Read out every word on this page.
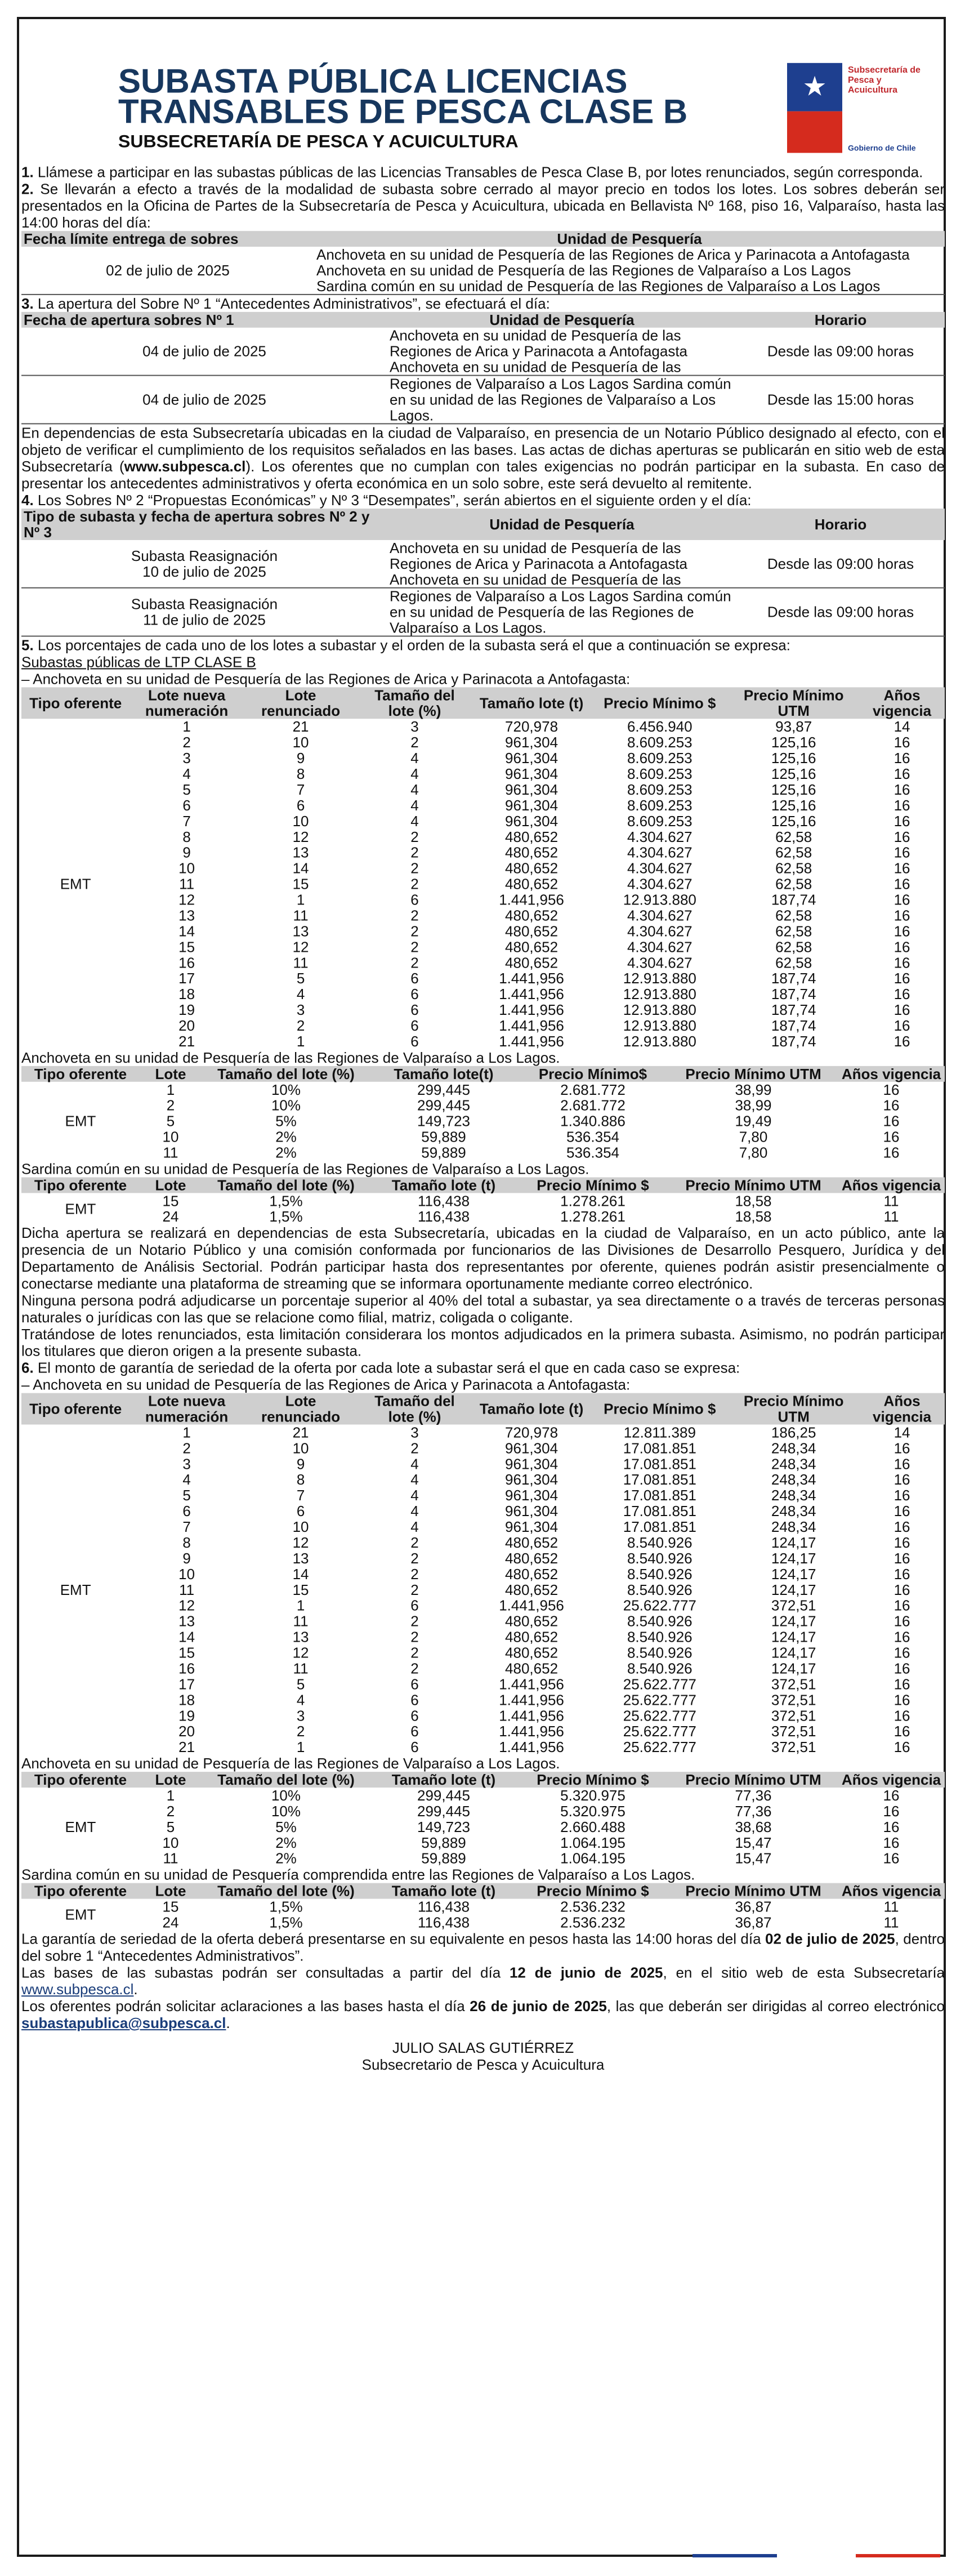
SUBASTA PÚBLICA LICENCIAS
TRANSABLES DE PESCA CLASE B
SUBSECRETARÍA DE PESCA Y ACUICULTURA
★
Subsecretaría de Pesca y Acuicultura
Gobierno de Chile

1. Llámese a participar en las subastas públicas de las Licencias Transables de Pesca Clase B, por lotes renunciados, según corresponda.

2. Se llevarán a efecto a través de la modalidad de subasta sobre cerrado al mayor precio en todos los lotes. Los sobres deberán ser presentados en la Oficina de Partes de la Subsecretaría de Pesca y Acuicultura, ubicada en Bellavista Nº 168, piso 16, Valparaíso, hasta las 14:00 horas del día:

Fecha límite entrega de sobres	Unidad de Pesquería
02 de julio de 2025	Anchoveta en su unidad de Pesquería de las Regiones de Arica y Parinacota a Antofagasta
Anchoveta en su unidad de Pesquería de las Regiones de Valparaíso a Los Lagos
Sardina común en su unidad de Pesquería de las Regiones de Valparaíso a Los Lagos

3. La apertura del Sobre Nº 1 “Antecedentes Administrativos”, se efectuará el día:

Fecha de apertura sobres Nº 1	Unidad de Pesquería	Horario
04 de julio de 2025	Anchoveta en su unidad de Pesquería de las Regiones de Arica y Parinacota a Antofagasta Anchoveta en su unidad de Pesquería de las	Desde las 09:00 horas
04 de julio de 2025	Regiones de Valparaíso a Los Lagos Sardina común en su unidad de las Regiones de Valparaíso a Los Lagos.	Desde las 15:00 horas

En dependencias de esta Subsecretaría ubicadas en la ciudad de Valparaíso, en presencia de un Notario Público designado al efecto, con el objeto de verificar el cumplimiento de los requisitos señalados en las bases. Las actas de dichas aperturas se publicarán en sitio web de esta Subsecretaría (www.subpesca.cl). Los oferentes que no cumplan con tales exigencias no podrán participar en la subasta. En caso de presentar los antecedentes administrativos y oferta económica en un solo sobre, este será devuelto al remitente.

4. Los Sobres Nº 2 “Propuestas Económicas” y Nº 3 “Desempates”, serán abiertos en el siguiente orden y el día:

Tipo de subasta y fecha de apertura sobres Nº 2 y Nº 3	Unidad de Pesquería	Horario

Subasta Reasignación
10 de julio de 2025	Anchoveta en su unidad de Pesquería de las Regiones de Arica y Parinacota a Antofagasta Anchoveta en su unidad de Pesquería de las	Desde las 09:00 horas

Subasta Reasignación
11 de julio de 2025	Regiones de Valparaíso a Los Lagos Sardina común en su unidad de Pesquería de las Regiones de Valparaíso a Los Lagos.	Desde las 09:00 horas

5. Los porcentajes de cada uno de los lotes a subastar y el orden de la subasta será el que a continuación se expresa:

Subastas públicas de LTP CLASE B
– Anchoveta en su unidad de Pesquería de las Regiones de Arica y Parinacota a Antofagasta:
Tipo oferente	Lote nueva numeración	Lote renunciado	Tamaño del lote (%)	Tamaño lote (t)	Precio Mínimo $	Precio Mínimo UTM	Años vigencia
EMT	1	21	3	720,978	6.456.940	93,87	14
	2	10	2	961,304	8.609.253	125,16	16
	3	9	4	961,304	8.609.253	125,16	16
	4	8	4	961,304	8.609.253	125,16	16
	5	7	4	961,304	8.609.253	125,16	16
	6	6	4	961,304	8.609.253	125,16	16
	7	10	4	961,304	8.609.253	125,16	16
	8	12	2	480,652	4.304.627	62,58	16
	9	13	2	480,652	4.304.627	62,58	16
	10	14	2	480,652	4.304.627	62,58	16
	11	15	2	480,652	4.304.627	62,58	16
	12	1	6	1.441,956	12.913.880	187,74	16
	13	11	2	480,652	4.304.627	62,58	16
	14	13	2	480,652	4.304.627	62,58	16
	15	12	2	480,652	4.304.627	62,58	16
	16	11	2	480,652	4.304.627	62,58	16
	17	5	6	1.441,956	12.913.880	187,74	16
	18	4	6	1.441,956	12.913.880	187,74	16
	19	3	6	1.441,956	12.913.880	187,74	16
	20	2	6	1.441,956	12.913.880	187,74	16
	21	1	6	1.441,956	12.913.880	187,74	16
Anchoveta en su unidad de Pesquería de las Regiones de Valparaíso a Los Lagos.
Tipo oferente	Lote	Tamaño del lote (%)	Tamaño lote(t)	Precio Mínimo$	Precio Mínimo UTM	Años vigencia
EMT	1	10%	299,445	2.681.772	38,99	16
	2	10%	299,445	2.681.772	38,99	16
	5	5%	149,723	1.340.886	19,49	16
	10	2%	59,889	536.354	7,80	16
	11	2%	59,889	536.354	7,80	16
Sardina común en su unidad de Pesquería de las Regiones de Valparaíso a Los Lagos.
Tipo oferente	Lote	Tamaño del lote (%)	Tamaño lote (t)	Precio Mínimo $	Precio Mínimo UTM	Años vigencia
EMT	15	1,5%	116,438	1.278.261	18,58	11
	24	1,5%	116,438	1.278.261	18,58	11

Dicha apertura se realizará en dependencias de esta Subsecretaría, ubicadas en la ciudad de Valparaíso, en un acto público, ante la presencia de un Notario Público y una comisión conformada por funcionarios de las Divisiones de Desarrollo Pesquero, Jurídica y del Departamento de Análisis Sectorial. Podrán participar hasta dos representantes por oferente, quienes podrán asistir presencialmente o conectarse mediante una plataforma de streaming que se informara oportunamente mediante correo electrónico.

Ninguna persona podrá adjudicarse un porcentaje superior al 40% del total a subastar, ya sea directamente o a través de terceras personas naturales o jurídicas con las que se relacione como filial, matriz, coligada o coligante.

Tratándose de lotes renunciados, esta limitación considerara los montos adjudicados en la primera subasta. Asimismo, no podrán participar los titulares que dieron origen a la presente subasta.

6. El monto de garantía de seriedad de la oferta por cada lote a subastar será el que en cada caso se expresa:

– Anchoveta en su unidad de Pesquería de las Regiones de Arica y Parinacota a Antofagasta:
Tipo oferente	Lote nueva numeración	Lote renunciado	Tamaño del lote (%)	Tamaño lote (t)	Precio Mínimo $	Precio Mínimo UTM	Años vigencia
EMT	1	21	3	720,978	12.811.389	186,25	14
	2	10	2	961,304	17.081.851	248,34	16
	3	9	4	961,304	17.081.851	248,34	16
	4	8	4	961,304	17.081.851	248,34	16
	5	7	4	961,304	17.081.851	248,34	16
	6	6	4	961,304	17.081.851	248,34	16
	7	10	4	961,304	17.081.851	248,34	16
	8	12	2	480,652	8.540.926	124,17	16
	9	13	2	480,652	8.540.926	124,17	16
	10	14	2	480,652	8.540.926	124,17	16
	11	15	2	480,652	8.540.926	124,17	16
	12	1	6	1.441,956	25.622.777	372,51	16
	13	11	2	480,652	8.540.926	124,17	16
	14	13	2	480,652	8.540.926	124,17	16
	15	12	2	480,652	8.540.926	124,17	16
	16	11	2	480,652	8.540.926	124,17	16
	17	5	6	1.441,956	25.622.777	372,51	16
	18	4	6	1.441,956	25.622.777	372,51	16
	19	3	6	1.441,956	25.622.777	372,51	16
	20	2	6	1.441,956	25.622.777	372,51	16
	21	1	6	1.441,956	25.622.777	372,51	16
Anchoveta en su unidad de Pesquería de las Regiones de Valparaíso a Los Lagos.
Tipo oferente	Lote	Tamaño del lote (%)	Tamaño lote (t)	Precio Mínimo $	Precio Mínimo UTM	Años vigencia
EMT	1	10%	299,445	5.320.975	77,36	16
	2	10%	299,445	5.320.975	77,36	16
	5	5%	149,723	2.660.488	38,68	16
	10	2%	59,889	1.064.195	15,47	16
	11	2%	59,889	1.064.195	15,47	16
Sardina común en su unidad de Pesquería comprendida entre las Regiones de Valparaíso a Los Lagos.
Tipo oferente	Lote	Tamaño del lote (%)	Tamaño lote (t)	Precio Mínimo $	Precio Mínimo UTM	Años vigencia
EMT	15	1,5%	116,438	2.536.232	36,87	11
	24	1,5%	116,438	2.536.232	36,87	11

La garantía de seriedad de la oferta deberá presentarse en su equivalente en pesos hasta las 14:00 horas del día 02 de julio de 2025, dentro del sobre 1 “Antecedentes Administrativos”.

Las bases de las subastas podrán ser consultadas a partir del día 12 de junio de 2025, en el sitio web de esta Subsecretaría www.subpesca.cl.

Los oferentes podrán solicitar aclaraciones a las bases hasta el día 26 de junio de 2025, las que deberán ser dirigidas al correo electrónico subastapublica@subpesca.cl.

JULIO SALAS GUTIÉRREZ
Subsecretario de Pesca y Acuicultura
